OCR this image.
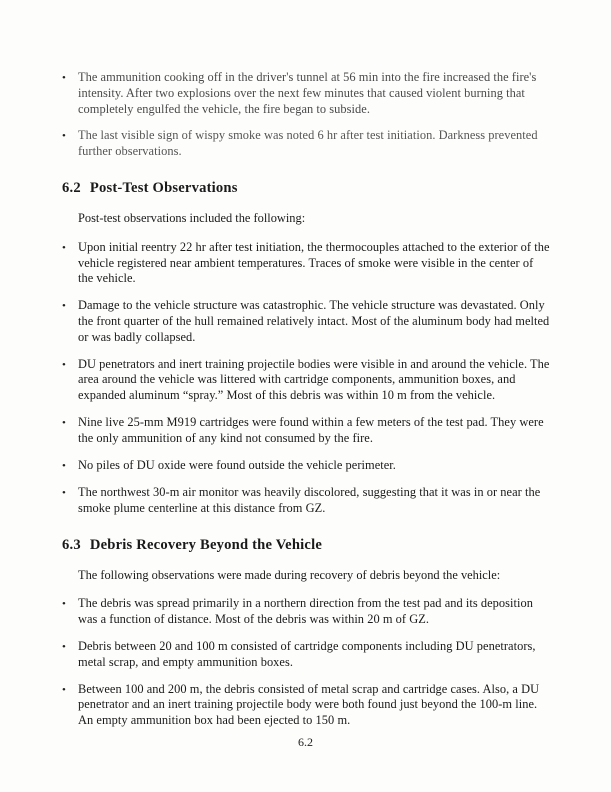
• The ammunition cooking off in the driver's tunnel at 56 min into the fire increased the fire's intensity. After two explosions over the next few minutes that caused violent burning that completely engulfed the vehicle, the fire began to subside.
• The last visible sign of wispy smoke was noted 6 hr after test initiation. Darkness prevented further observations.
6.2 Post-Test Observations

Post-test observations included the following:

• Upon initial reentry 22 hr after test initiation, the thermocouples attached to the exterior of the vehicle registered near ambient temperatures. Traces of smoke were visible in the center of the vehicle.
• Damage to the vehicle structure was catastrophic. The vehicle structure was devastated. Only the front quarter of the hull remained relatively intact. Most of the aluminum body had melted or was badly collapsed.
• DU penetrators and inert training projectile bodies were visible in and around the vehicle. The area around the vehicle was littered with cartridge components, ammunition boxes, and expanded aluminum “spray.” Most of this debris was within 10 m from the vehicle.
• Nine live 25-mm M919 cartridges were found within a few meters of the test pad. They were the only ammunition of any kind not consumed by the fire.
• No piles of DU oxide were found outside the vehicle perimeter.
• The northwest 30-m air monitor was heavily discolored, suggesting that it was in or near the smoke plume centerline at this distance from GZ.
6.3 Debris Recovery Beyond the Vehicle

The following observations were made during recovery of debris beyond the vehicle:

• The debris was spread primarily in a northern direction from the test pad and its deposition was a function of distance. Most of the debris was within 20 m of GZ.
• Debris between 20 and 100 m consisted of cartridge components including DU penetrators, metal scrap, and empty ammunition boxes.
• Between 100 and 200 m, the debris consisted of metal scrap and cartridge cases. Also, a DU penetrator and an inert training projectile body were both found just beyond the 100-m line. An empty ammunition box had been ejected to 150 m.
6.2
